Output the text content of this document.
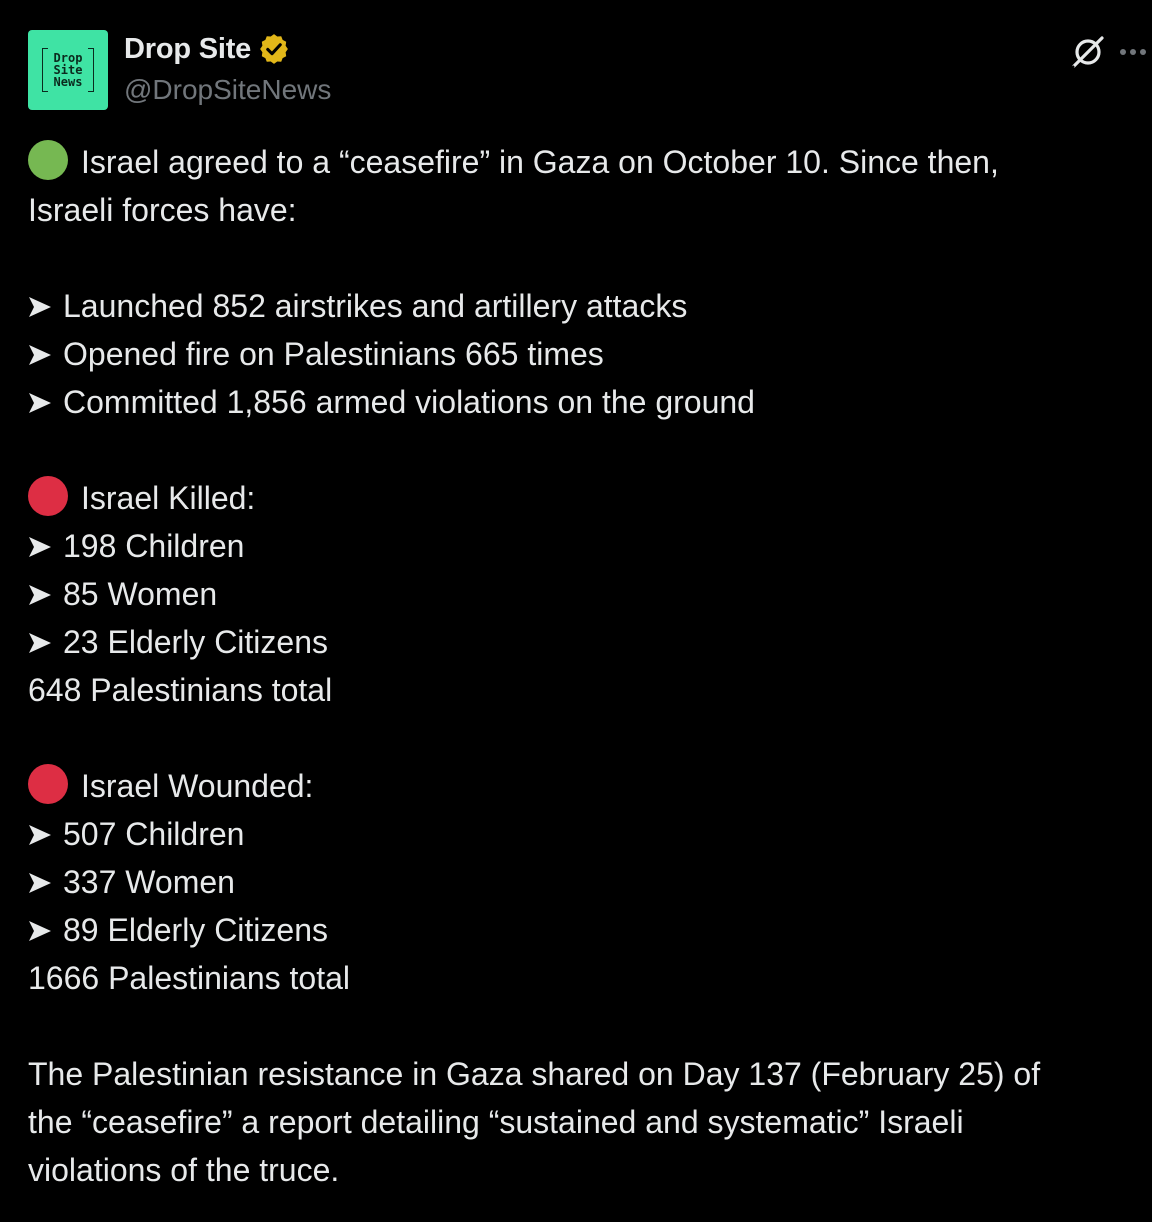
Drop
Site
News
Drop Site
@DropSiteNews
Israel agreed to a “ceasefire” in Gaza on October 10. Since then,
Israeli forces have:
Launched 852 airstrikes and artillery attacks
Opened fire on Palestinians 665 times
Committed 1,856 armed violations on the ground
Israel Killed:
198 Children
85 Women
23 Elderly Citizens
648 Palestinians total
Israel Wounded:
507 Children
337 Women
89 Elderly Citizens
1666 Palestinians total
The Palestinian resistance in Gaza shared on Day 137 (February 25) of
the “ceasefire” a report detailing “sustained and systematic” Israeli
violations of the truce.
